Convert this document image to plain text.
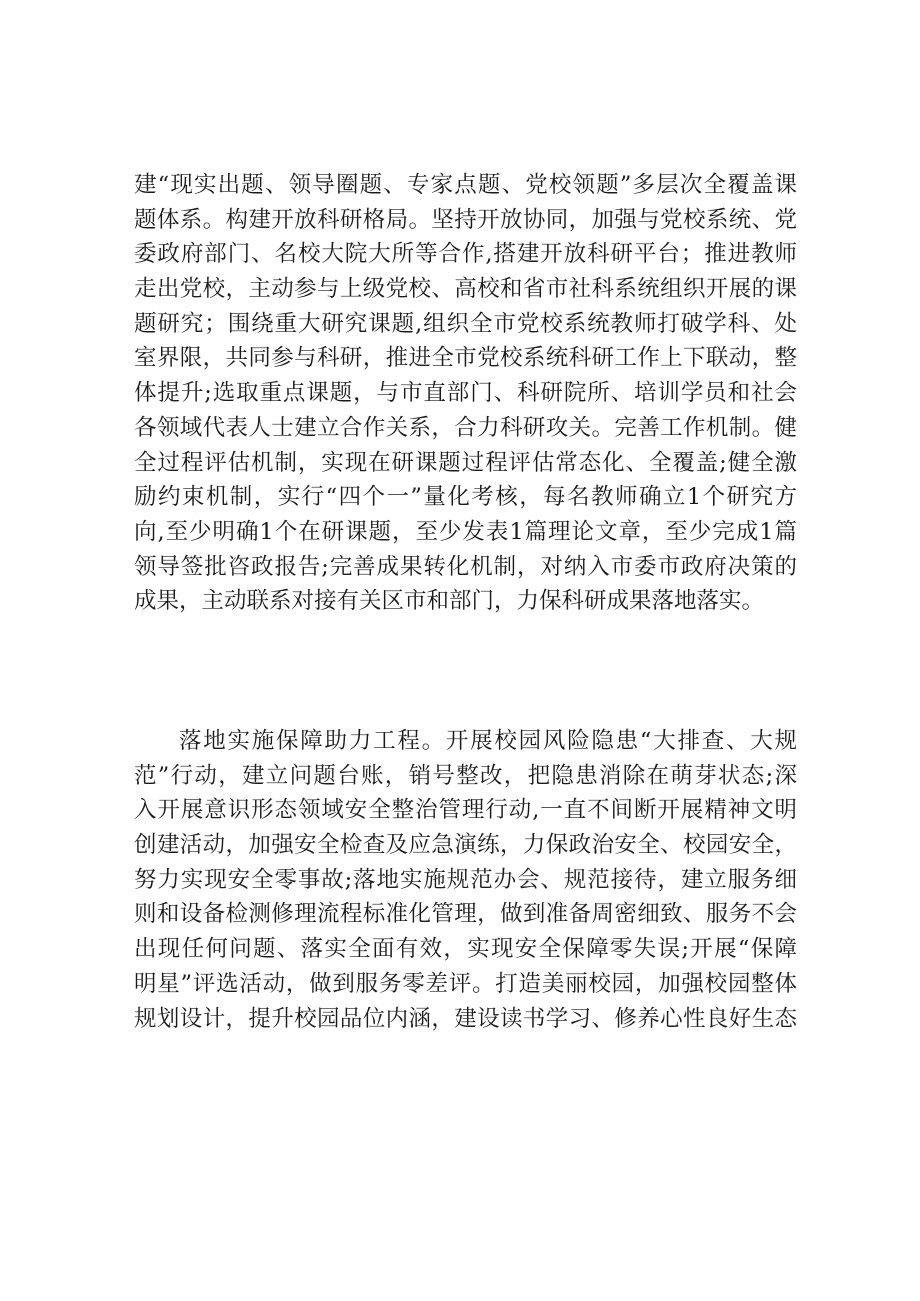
建“现实出题、领导圈题、专家点题、党校领题”多层次全覆盖课
题体系。构建开放科研格局。坚持开放协同，加强与党校系统、党
委政府部门、名校大院大所等合作,搭建开放科研平台；推进教师
走出党校，主动参与上级党校、高校和省市社科系统组织开展的课
题研究；围绕重大研究课题,组织全市党校系统教师打破学科、处
室界限，共同参与科研，推进全市党校系统科研工作上下联动，整
体提升;选取重点课题，与市直部门、科研院所、培训学员和社会
各领域代表人士建立合作关系，合力科研攻关。完善工作机制。健
全过程评估机制，实现在研课题过程评估常态化、全覆盖;健全激
励约束机制，实行“四个一”量化考核，每名教师确立1个研究方
向,至少明确1个在研课题，至少发表1篇理论文章，至少完成1篇
领导签批咨政报告;完善成果转化机制，对纳入市委市政府决策的
成果，主动联系对接有关区市和部门，力保科研成果落地落实。
落地实施保障助力工程。开展校园风险隐患“大排查、大规
范”行动，建立问题台账，销号整改，把隐患消除在萌芽状态;深
入开展意识形态领域安全整治管理行动,一直不间断开展精神文明
创建活动，加强安全检查及应急演练，力保政治安全、校园安全，
努力实现安全零事故;落地实施规范办会、规范接待，建立服务细
则和设备检测修理流程标准化管理，做到准备周密细致、服务不会
出现任何问题、落实全面有效，实现安全保障零失误;开展“保障
明星”评选活动，做到服务零差评。打造美丽校园，加强校园整体
规划设计，提升校园品位内涵，建设读书学习、修养心性良好生态
